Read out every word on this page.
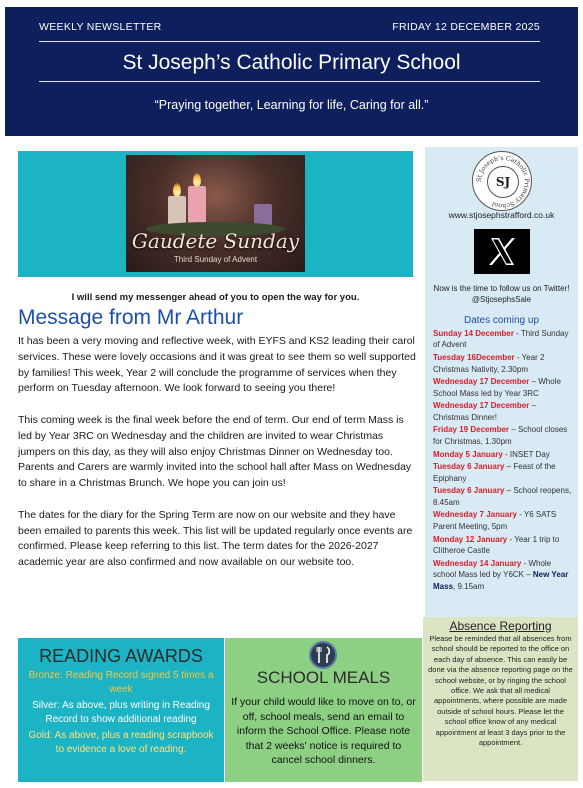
WEEKLY NEWSLETTER	FRIDAY 12 DECEMBER 2025
St Joseph’s Catholic Primary School
“Praying together, Learning for life, Caring for all.”
Gaudete Sunday
Third Sunday of Advent
I will send my messenger ahead of you to open the way for you.
Message from Mr Arthur

It has been a very moving and reflective week, with EYFS and KS2 leading their carol services. These were lovely occasions and it was great to see them so well supported by families! This week, Year 2 will conclude the programme of services when they perform on Tuesday afternoon. We look forward to seeing you there!

This coming week is the final week before the end of term. Our end of term Mass is led by Year 3RC on Wednesday and the children are invited to wear Christmas jumpers on this day, as they will also enjoy Christmas Dinner on Wednesday too. Parents and Carers are warmly invited into the school hall after Mass on Wednesday to share in a Christmas Brunch. We hope you can join us!

The dates for the diary for the Spring Term are now on our website and they have been emailed to parents this week. This list will be updated regularly once events are confirmed. Please keep referring to this list. The term dates for the 2026-2027 academic year are also confirmed and now available on our website too.

St Joseph’s Catholic Primary School
SJ
www.stjosephstrafford.co.uk
Now is the time to follow us on Twitter! @StjosephsSale
Dates coming up
Sunday 14 December - Third Sunday of Advent
Tuesday 16December - Year 2 Christmas Nativity, 2.30pm
Wednesday 17 December – Whole School Mass led by Year 3RC
Wednesday 17 December – Christmas Dinner!
Friday 19 December – School closes for Christmas, 1.30pm
Monday 5 January - INSET Day
Tuesday 6 January – Feast of the Epiphany
Tuesday 6 January – School reopens, 8.45am
Wednesday 7 January - Y6 SATS Parent Meeting, 5pm
Monday 12 January - Year 1 trip to Clitheroe Castle
Wednesday 14 January - Whole school Mass led by Y6CK – New Year Mass, 9.15am
READING AWARDS

Bronze: Reading Record signed 5 times a week

Silver: As above, plus writing in Reading Record to show additional reading

Gold: As above, plus a reading scrapbook to evidence a love of reading.

SCHOOL MEALS
If your child would like to move on to, or off, school meals, send an email to inform the School Office. Please note that 2 weeks' notice is required to cancel school dinners.
Absence Reporting
Please be reminded that all absences from school should be reported to the office on each day of absence. This can easily be done via the absence reporting page on the school website, or by ringing the school office. We ask that all medical appointments, where possible are made outside of school hours. Please let the school office know of any medical appointment at least 3 days prior to the appointment.
